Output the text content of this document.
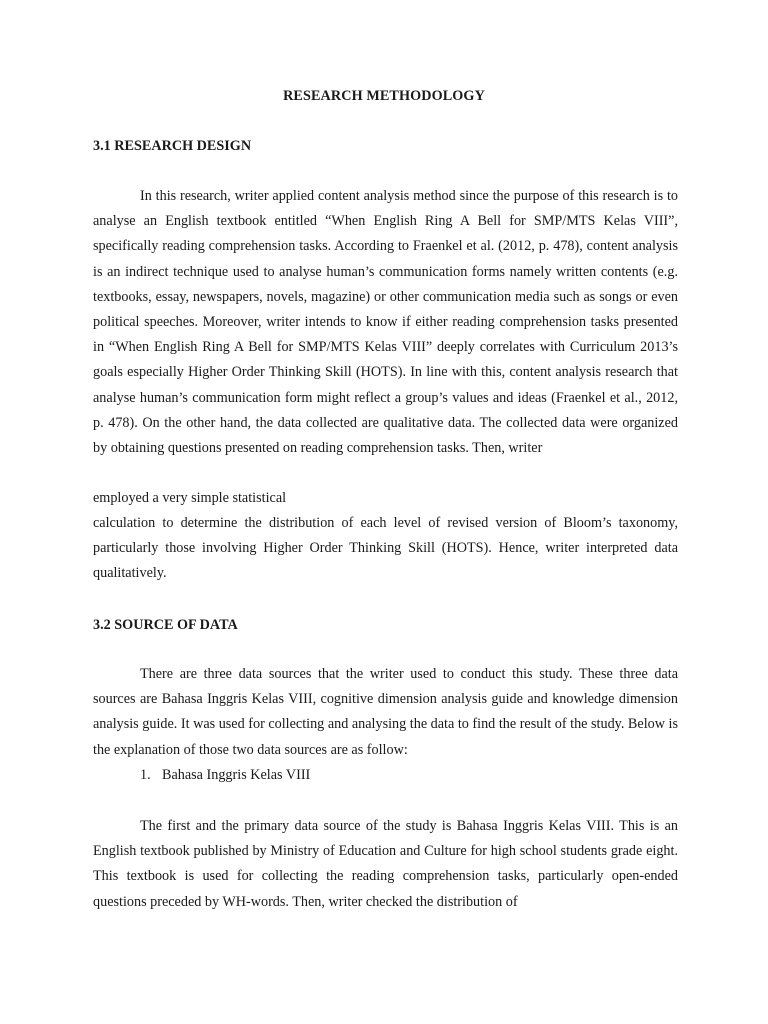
RESEARCH METHODOLOGY
3.1 RESEARCH DESIGN

In this research, writer applied content analysis method since the purpose of this research is to analyse an English textbook entitled “When English Ring A Bell for SMP/MTS Kelas VIII”, specifically reading comprehension tasks. According to Fraenkel et al. (2012, p. 478), content analysis is an indirect technique used to analyse human’s communication forms namely written contents (e.g. textbooks, essay, newspapers, novels, magazine) or other communication media such as songs or even political speeches. Moreover, writer intends to know if either reading comprehension tasks presented in “When English Ring A Bell for SMP/MTS Kelas VIII” deeply correlates with Curriculum 2013’s goals especially Higher Order Thinking Skill (HOTS). In line with this, content analysis research that analyse human’s communication form might reflect a group’s values and ideas (Fraenkel et al., 2012, p. 478). On the other hand, the data collected are qualitative data. The collected data were organized by obtaining questions presented on reading comprehension tasks. Then, writer

employed a very simple statistical

calculation to determine the distribution of each level of revised version of Bloom’s taxonomy, particularly those involving Higher Order Thinking Skill (HOTS). Hence, writer interpreted data qualitatively.

3.2 SOURCE OF DATA

There are three data sources that the writer used to conduct this study. These three data sources are Bahasa Inggris Kelas VIII, cognitive dimension analysis guide and knowledge dimension analysis guide. It was used for collecting and analysing the data to find the result of the study. Below is the explanation of those two data sources are as follow:

1. Bahasa Inggris Kelas VIII

The first and the primary data source of the study is Bahasa Inggris Kelas VIII. This is an English textbook published by Ministry of Education and Culture for high school students grade eight. This textbook is used for collecting the reading comprehension tasks, particularly open-ended questions preceded by WH-words. Then, writer checked the distribution of
